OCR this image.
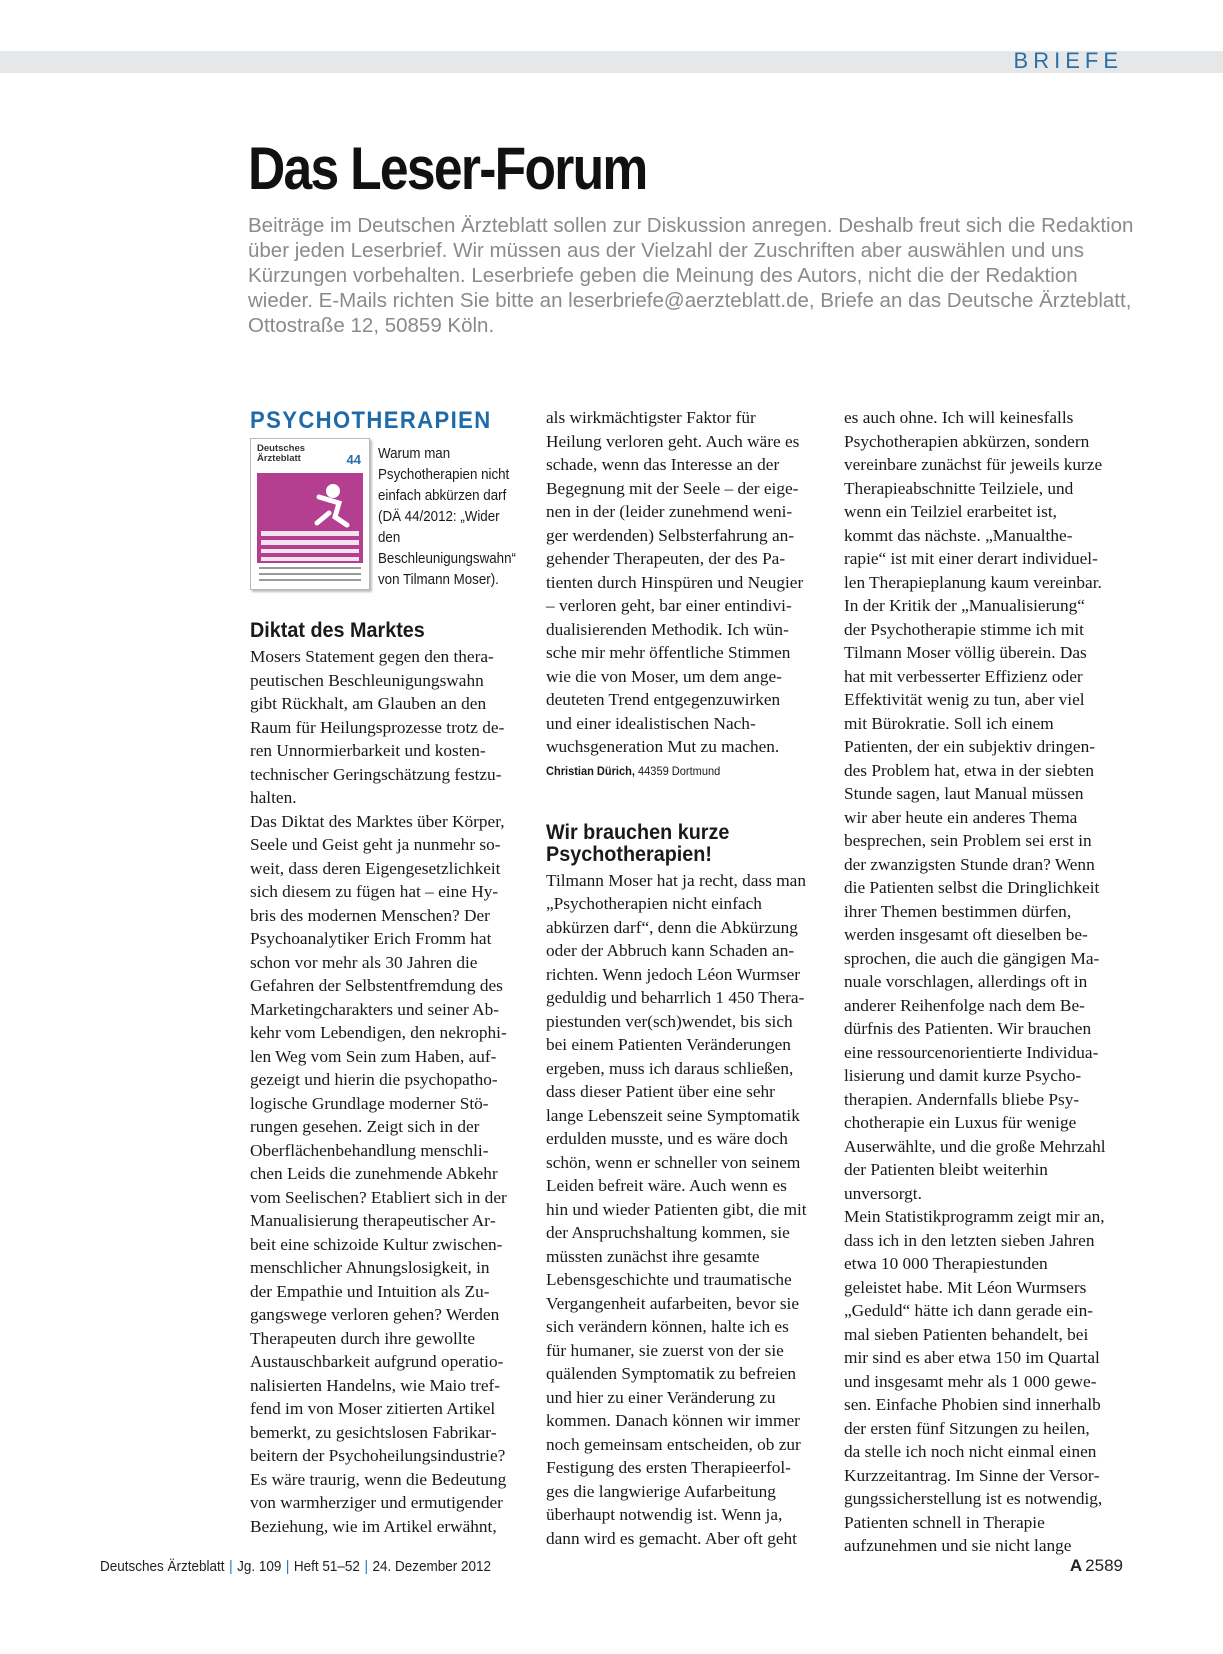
BRIEFE
Das Leser-Forum

Beiträge im Deutschen Ärzteblatt sollen zur Diskussion anregen. Deshalb freut sich die Redaktion über jeden Leserbrief. Wir müssen aus der Vielzahl der Zuschriften aber auswählen und uns Kürzungen vorbehalten. Leserbriefe geben die Meinung des Autors, nicht die der Redaktion wieder. E-Mails richten Sie bitte an leserbriefe@aerzteblatt.de, Briefe an das Deutsche Ärzteblatt, Ottostraße 12, 50859 Köln.

PSYCHOTHERAPIEN
Deutsches Ärzteblatt	44 Warum man Psychotherapien nicht einfach abkürzen darf (DÄ 44/2012: „Wider den Beschleunigungswahn“ von Tilmann Moser).
Diktat des Marktes

Mosers Statement gegen den therapeutischen Beschleunigungswahn gibt Rückhalt, am Glauben an den Raum für Heilungsprozesse trotz deren Unnormierbarkeit und kostentechnischer Geringschätzung festzuhalten.

Das Diktat des Marktes über Körper, Seele und Geist geht ja nunmehr soweit, dass deren Eigengesetzlichkeit sich diesem zu fügen hat – eine Hybris des modernen Menschen? Der Psychoanalytiker Erich Fromm hat schon vor mehr als 30 Jahren die Gefahren der Selbstentfremdung des Marketingcharakters und seiner Abkehr vom Lebendigen, den nekrophilen Weg vom Sein zum Haben, aufgezeigt und hierin die psychopathologische Grundlage moderner Störungen gesehen. Zeigt sich in der Oberflächenbehandlung menschlichen Leids die zunehmende Abkehr vom Seelischen? Etabliert sich in der Manualisierung therapeutischer Arbeit eine schizoide Kultur zwischenmenschlicher Ahnungslosigkeit, in der Empathie und Intuition als Zugangswege verloren gehen? Werden Therapeuten durch ihre gewollte Austauschbarkeit aufgrund operationalisierten Handelns, wie Maio treffend im von Moser zitierten Artikel bemerkt, zu gesichtslosen Fabrikarbeitern der Psychoheilungsindustrie? Es wäre traurig, wenn die Bedeutung von warmherziger und ermutigender Beziehung, wie im Artikel erwähnt,

als wirkmächtigster Faktor für Heilung verloren geht. Auch wäre es schade, wenn das Interesse an der Begegnung mit der Seele – der eigenen in der (leider zunehmend weniger werdenden) Selbsterfahrung angehender Therapeuten, der des Patienten durch Hinspüren und Neugier – verloren geht, bar einer entindividualisierenden Methodik. Ich wünsche mir mehr öffentliche Stimmen wie die von Moser, um dem angedeuteten Trend entgegenzuwirken und einer idealistischen Nachwuchsgeneration Mut zu machen.

Christian Dürich, 44359 Dortmund
Wir brauchen kurze Psychotherapien!

Tilmann Moser hat ja recht, dass man „Psychotherapien nicht einfach abkürzen darf“, denn die Abkürzung oder der Abbruch kann Schaden anrichten. Wenn jedoch Léon Wurmser geduldig und beharrlich 1 450 Therapiestunden ver(sch)wendet, bis sich bei einem Patienten Veränderungen ergeben, muss ich daraus schließen, dass dieser Patient über eine sehr lange Lebenszeit seine Symptomatik erdulden musste, und es wäre doch schön, wenn er schneller von seinem Leiden befreit wäre. Auch wenn es hin und wieder Patienten gibt, die mit der Anspruchshaltung kommen, sie müssten zunächst ihre gesamte Lebensgeschichte und traumatische Vergangenheit aufarbeiten, bevor sie sich verändern können, halte ich es für humaner, sie zuerst von der sie quälenden Symptomatik zu befreien und hier zu einer Veränderung zu kommen. Danach können wir immer noch gemeinsam entscheiden, ob zur Festigung des ersten Therapieerfolges die langwierige Aufarbeitung überhaupt notwendig ist. Wenn ja, dann wird es gemacht. Aber oft geht

es auch ohne. Ich will keinesfalls Psychotherapien abkürzen, sondern vereinbare zunächst für jeweils kurze Therapieabschnitte Teilziele, und wenn ein Teilziel erarbeitet ist, kommt das nächste. „Manualtherapie“ ist mit einer derart individuellen Therapieplanung kaum vereinbar. In der Kritik der „Manualisierung“ der Psychotherapie stimme ich mit Tilmann Moser völlig überein. Das hat mit verbesserter Effizienz oder Effektivität wenig zu tun, aber viel mit Bürokratie. Soll ich einem Patienten, der ein subjektiv dringendes Problem hat, etwa in der siebten Stunde sagen, laut Manual müssen wir aber heute ein anderes Thema besprechen, sein Problem sei erst in der zwanzigsten Stunde dran? Wenn die Patienten selbst die Dringlichkeit ihrer Themen bestimmen dürfen, werden insgesamt oft dieselben besprochen, die auch die gängigen Manuale vorschlagen, allerdings oft in anderer Reihenfolge nach dem Bedürfnis des Patienten. Wir brauchen eine ressourcenorientierte Individualisierung und damit kurze Psychotherapien. Andernfalls bliebe Psychotherapie ein Luxus für wenige Auserwählte, und die große Mehrzahl der Patienten bleibt weiterhin unversorgt.

Mein Statistikprogramm zeigt mir an, dass ich in den letzten sieben Jahren etwa 10 000 Therapiestunden geleistet habe. Mit Léon Wurmsers „Geduld“ hätte ich dann gerade einmal sieben Patienten behandelt, bei mir sind es aber etwa 150 im Quartal und insgesamt mehr als 1 000 gewesen. Einfache Phobien sind innerhalb der ersten fünf Sitzungen zu heilen, da stelle ich noch nicht einmal einen Kurzzeitantrag. Im Sinne der Versorgungssicherstellung ist es notwendig, Patienten schnell in Therapie aufzunehmen und sie nicht lange

Deutsches Ärzteblatt | Jg. 109 | Heft 51–52 | 24. Dezember 2012	A 2589
